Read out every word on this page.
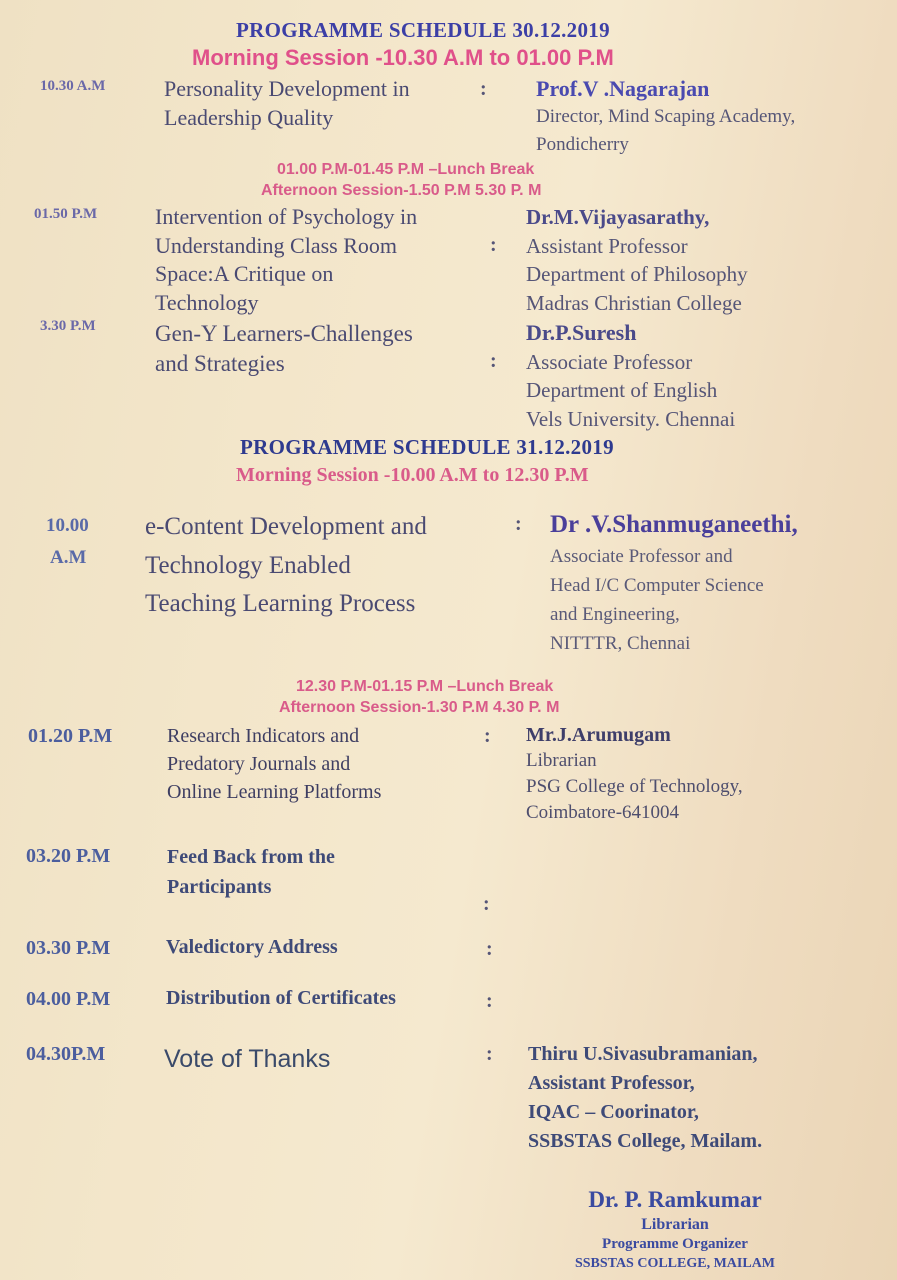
PROGRAMME SCHEDULE 30.12.2019
Morning Session -10.30 A.M to 01.00 P.M
10.30 A.M	Personality Development in
Leadership Quality
: Prof.V .Nagarajan
Director, Mind Scaping Academy,
Pondicherry
01.00 P.M-01.45 P.M –Lunch Break
Afternoon Session-1.50 P.M 5.30 P. M
01.50 P.M	Intervention of Psychology in
Understanding Class Room
Space:A Critique on
Technology
:
Dr.M.Vijayasarathy,
Assistant Professor
Department of Philosophy
Madras Christian College
3.30 P.M	Gen-Y Learners-Challenges
and Strategies	:
Dr.P.Suresh
Associate Professor
Department of English
Vels University. Chennai
PROGRAMME SCHEDULE 31.12.2019
Morning Session -10.00 A.M to 12.30 P.M
10.00
A.M
e-Content Development and
Technology Enabled
Teaching Learning Process
: Dr .V.Shanmuganeethi,
Associate Professor and
Head I/C Computer Science
and Engineering,
NITTTR, Chennai
12.30 P.M-01.15 P.M –Lunch Break
Afternoon Session-1.30 P.M 4.30 P. M
01.20 P.M	Research Indicators and
Predatory Journals and
Online Learning Platforms
: Mr.J.Arumugam
Librarian
PSG College of Technology,
Coimbatore-641004
03.20 P.M	Feed Back from the
Participants
:
03.30 P.M	Valedictory Address	:
04.00 P.M	Distribution of Certificates	:
04.30P.M Vote of Thanks	: Thiru U.Sivasubramanian,
Assistant Professor,
IQAC – Coorinator,
SSBSTAS College, Mailam.
Dr. P. Ramkumar
Librarian
Programme Organizer
SSBSTAS COLLEGE, MAILAM
